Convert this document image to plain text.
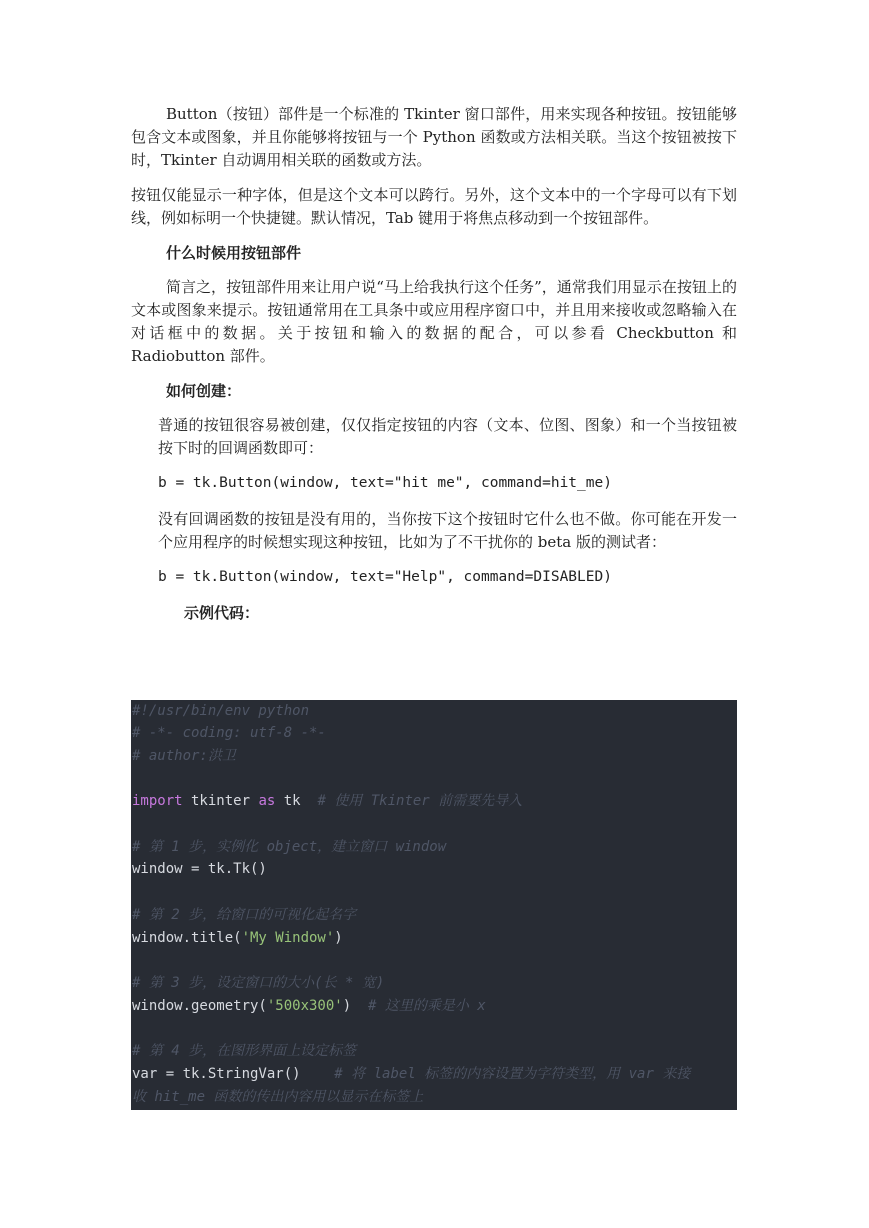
Button（按钮）部件是一个标准的 Tkinter 窗口部件，用来实现各种按钮。按钮能够包含文本或图象，并且你能够将按钮与一个 Python 函数或方法相关联。当这个按钮被按下时，Tkinter 自动调用相关联的函数或方法。

按钮仅能显示一种字体，但是这个文本可以跨行。另外，这个文本中的一个字母可以有下划线，例如标明一个快捷键。默认情况，Tab 键用于将焦点移动到一个按钮部件。

什么时候用按钮部件

简言之，按钮部件用来让用户说“马上给我执行这个任务”，通常我们用显示在按钮上的文本或图象来提示。按钮通常用在工具条中或应用程序窗口中，并且用来接收或忽略输入在对话框中的数据。关于按钮和输入的数据的配合，可以参看 Checkbutton 和 Radiobutton 部件。

如何创建：

普通的按钮很容易被创建，仅仅指定按钮的内容（文本、位图、图象）和一个当按钮被按下时的回调函数即可：

b = tk.Button(window, text="hit me", command=hit_me)

没有回调函数的按钮是没有用的，当你按下这个按钮时它什么也不做。你可能在开发一个应用程序的时候想实现这种按钮，比如为了不干扰你的 beta 版的测试者：

b = tk.Button(window, text="Help", command=DISABLED)
示例代码：
#!/usr/bin/env python
# -*- coding: utf-8 -*-
# author:洪卫
import tkinter as tk  # 使用 Tkinter 前需要先导入
# 第 1 步，实例化 object，建立窗口 window
window = tk.Tk()
# 第 2 步，给窗口的可视化起名字
window.title('My Window')
# 第 3 步，设定窗口的大小(长 * 宽)
window.geometry('500x300')  # 这里的乘是小 x
# 第 4 步，在图形界面上设定标签
var = tk.StringVar()    # 将 label 标签的内容设置为字符类型，用 var 来接
收 hit_me 函数的传出内容用以显示在标签上
